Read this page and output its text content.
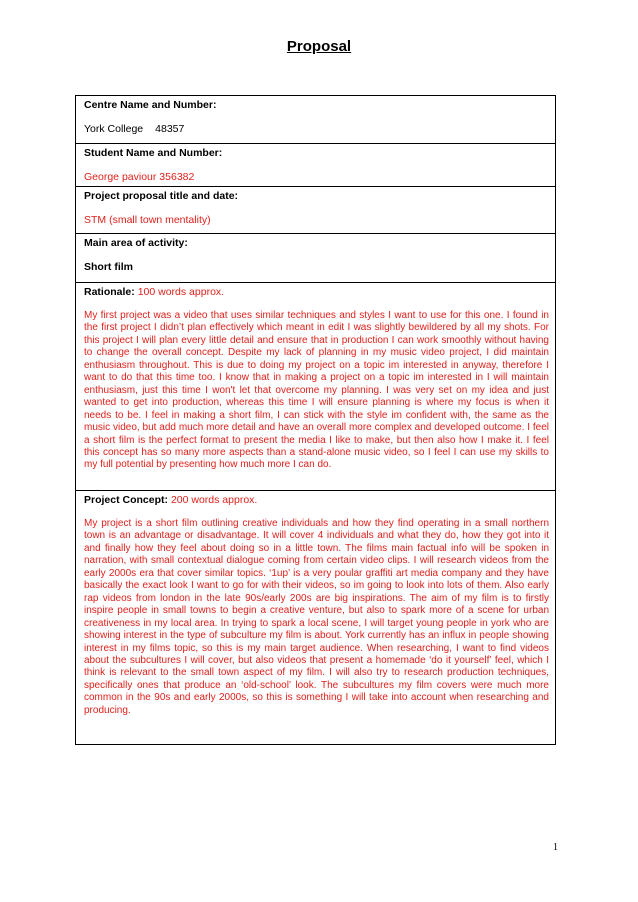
Proposal
Centre Name and Number:
York College 48357
Student Name and Number:
George paviour 356382
Project proposal title and date:
STM (small town mentality)
Main area of activity:
Short film
Rationale: 100 words approx.
My first project was a video that uses similar techniques and styles I want to use for this one. I found in the first project I didn’t plan effectively which meant in edit I was slightly bewildered by all my shots. For this project I will plan every little detail and ensure that in production I can work smoothly without having to change the overall concept. Despite my lack of planning in my music video project, I did maintain enthusiasm throughout. This is due to doing my project on a topic im interested in anyway, therefore I want to do that this time too. I know that in making a project on a topic im interested in I will maintain enthusiasm, just this time I won't let that overcome my planning. I was very set on my idea and just wanted to get into production, whereas this time I will ensure planning is where my focus is when it needs to be. I feel in making a short film, I can stick with the style im confident with, the same as the music video, but add much more detail and have an overall more complex and developed outcome. I feel a short film is the perfect format to present the media I like to make, but then also how I make it. I feel this concept has so many more aspects than a stand-alone music video, so I feel I can use my skills to my full potential by presenting how much more I can do.
Project Concept: 200 words approx.
My project is a short film outlining creative individuals and how they find operating in a small northern town is an advantage or disadvantage. It will cover 4 individuals and what they do, how they got into it and finally how they feel about doing so in a little town. The films main factual info will be spoken in narration, with small contextual dialogue coming from certain video clips. I will research videos from the early 2000s era that cover similar topics. ‘1up’ is a very poular graffiti art media company and they have basically the exact look I want to go for with their videos, so im going to look into lots of them. Also early rap videos from london in the late 90s/early 200s are big inspirations. The aim of my film is to firstly inspire people in small towns to begin a creative venture, but also to spark more of a scene for urban creativeness in my local area. In trying to spark a local scene, I will target young people in york who are showing interest in the type of subculture my film is about. York currently has an influx in people showing interest in my films topic, so this is my main target audience. When researching, I want to find videos about the subcultures I will cover, but also videos that present a homemade ‘do it yourself’ feel, which I think is relevant to the small town aspect of my film. I will also try to research production techniques, specifically ones that produce an ‘old-school’ look. The subcultures my film covers were much more common in the 90s and early 2000s, so this is something I will take into account when researching and producing.
1
